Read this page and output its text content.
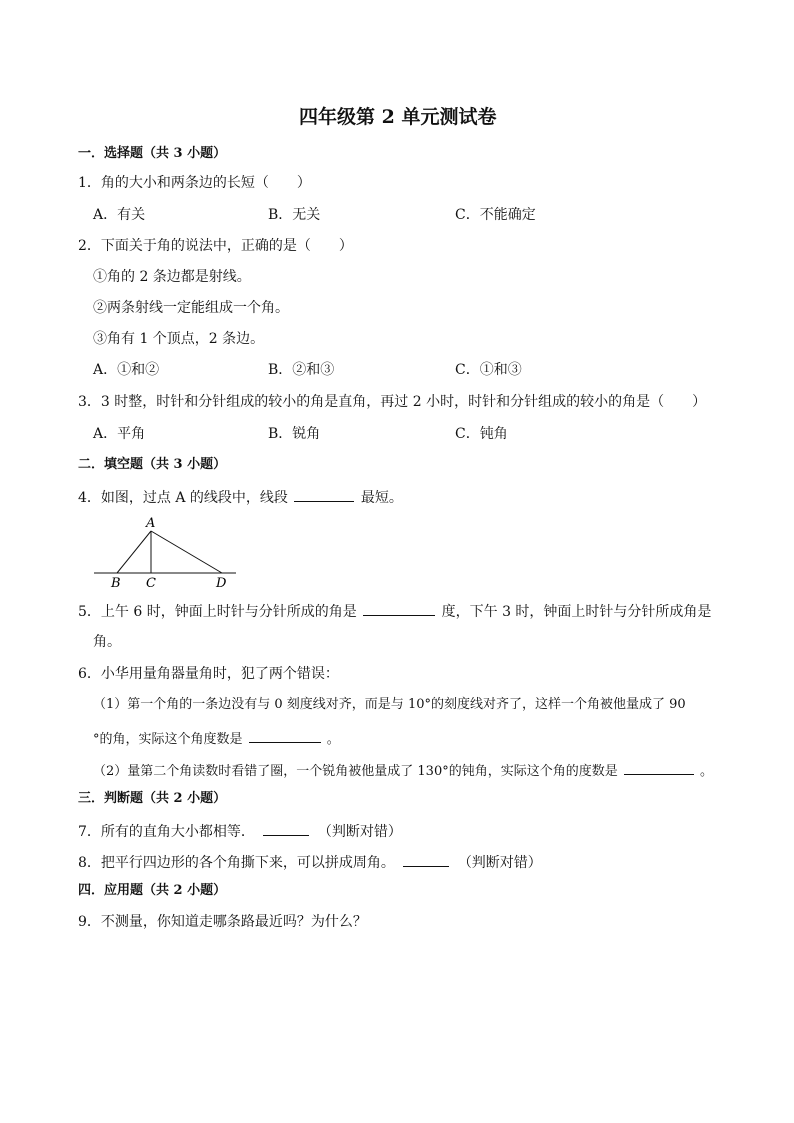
四年级第 2 单元测试卷
一．选择题（共 3 小题）
1．角的大小和两条边的长短（　　）
A．有关	B．无关	C．不能确定
2．下面关于角的说法中，正确的是（　　）
①角的 2 条边都是射线。
②两条射线一定能组成一个角。
③角有 1 个顶点，2 条边。
A．①和②	B．②和③	C．①和③
3．3 时整，时针和分针组成的较小的角是直角，再过 2 小时，时针和分针组成的较小的角是（　　）
A．平角	B．锐角	C．钝角
二．填空题（共 3 小题）
4．如图，过点 A 的线段中，线段	最短。
A
B C	D
5．上午 6 时，钟面上时针与分针所成的角是	度，下午 3 时，钟面上时针与分针所成角是
角。
6．小华用量角器量角时，犯了两个错误：
（1）第一个角的一条边没有与 0 刻度线对齐，而是与 10°的刻度线对齐了，这样一个角被他量成了 90
°的角，实际这个角度数是	。
（2）量第二个角读数时看错了圈，一个锐角被他量成了 130°的钝角，实际这个角的度数是	。
三．判断题（共 2 小题）
7．所有的直角大小都相等．	（判断对错）
8．把平行四边形的各个角撕下来，可以拼成周角。	（判断对错）
四．应用题（共 2 小题）
9．不测量，你知道走哪条路最近吗？为什么？
